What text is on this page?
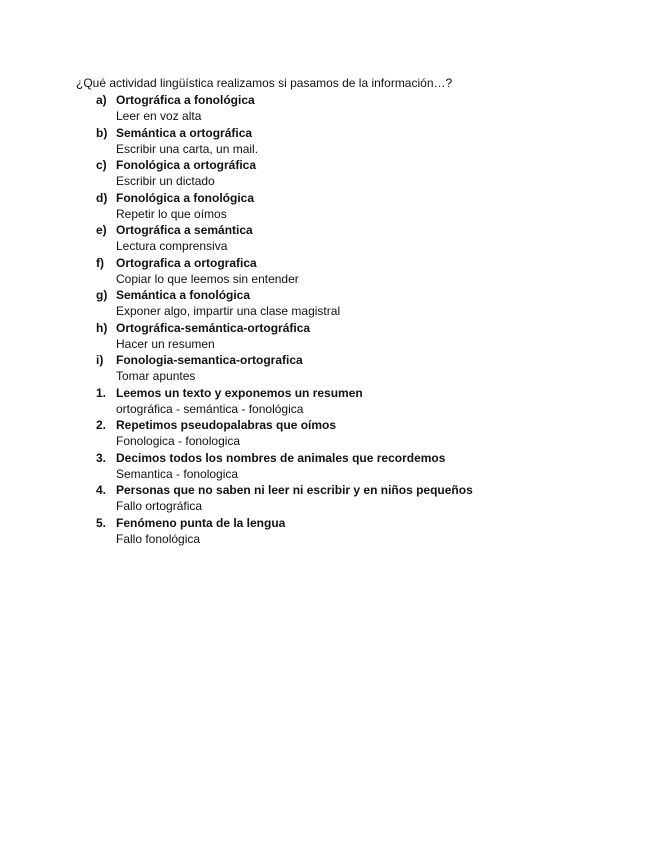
¿Qué actividad lingüística realizamos si pasamos de la información…?
a) Ortográfica a fonológica
Leer en voz alta
b) Semántica a ortográfica
Escribir una carta, un mail.
c) Fonológica a ortográfica
Escribir un dictado
d) Fonológica a fonológica
Repetir lo que oímos
e) Ortográfica a semántica
Lectura comprensiva
f)	Ortografica a ortografica
Copiar lo que leemos sin entender
g) Semántica a fonológica
Exponer algo, impartir una clase magistral
h) Ortográfica-semántica-ortográfica
Hacer un resumen
i)	Fonologia-semantica-ortografica
Tomar apuntes
1. Leemos un texto y exponemos un resumen
ortográfica - semántica - fonológica
2. Repetimos pseudopalabras que oímos
Fonologica - fonologica
3. Decimos todos los nombres de animales que recordemos
Semantica - fonologica
4. Personas que no saben ni leer ni escribir y en niños pequeños
Fallo ortográfica
5. Fenómeno punta de la lengua
Fallo fonológica
